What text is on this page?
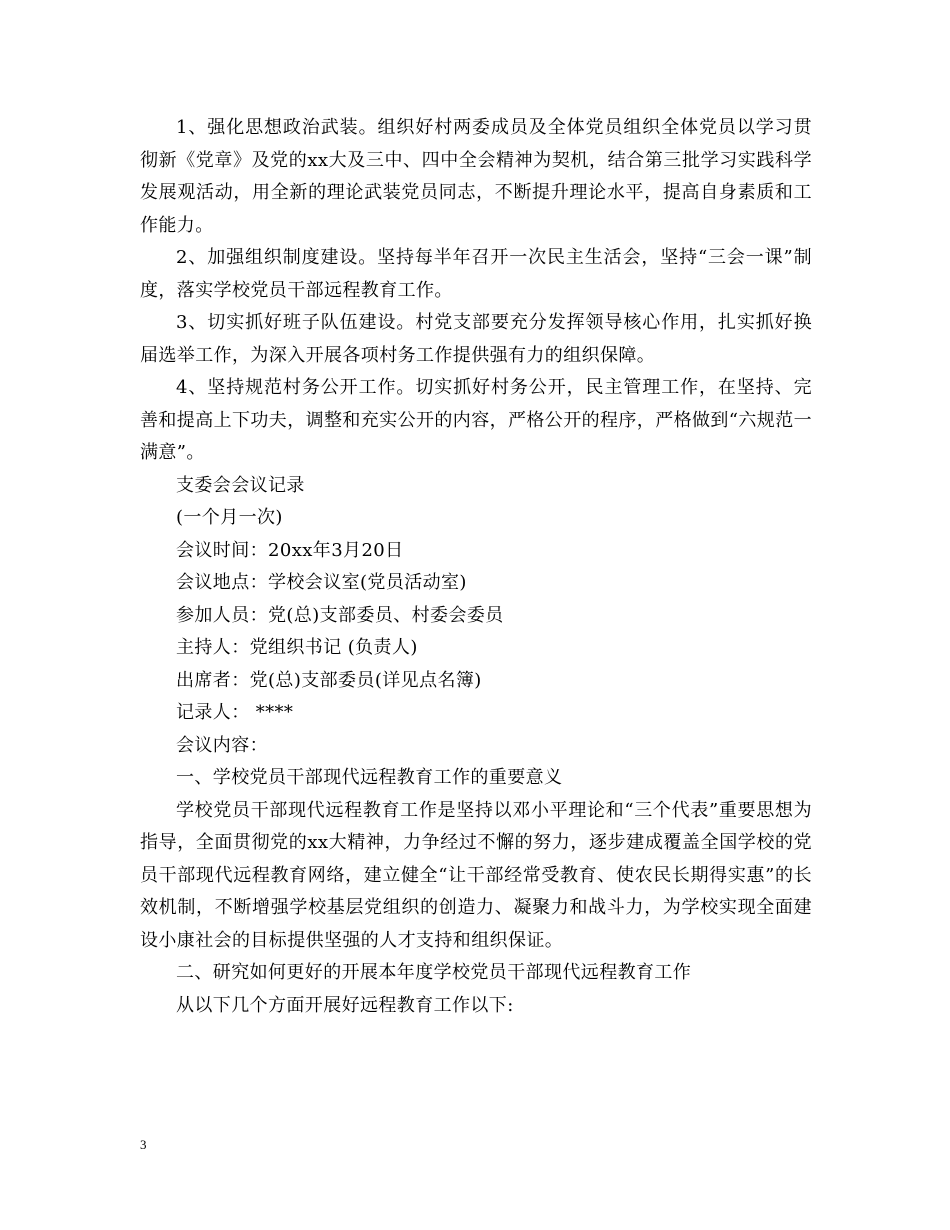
1、强化思想政治武装。组织好村两委成员及全体党员组织全体党员以学习贯彻新《党章》及党的xx大及三中、四中全会精神为契机，结合第三批学习实践科学发展观活动，用全新的理论武装党员同志，不断提升理论水平，提高自身素质和工作能力。

2、加强组织制度建设。坚持每半年召开一次民主生活会，坚持“三会一课”制度，落实学校党员干部远程教育工作。

3、切实抓好班子队伍建设。村党支部要充分发挥领导核心作用，扎实抓好换届选举工作，为深入开展各项村务工作提供强有力的组织保障。

4、坚持规范村务公开工作。切实抓好村务公开，民主管理工作，在坚持、完善和提高上下功夫，调整和充实公开的内容，严格公开的程序，严格做到“六规范一满意”。

支委会会议记录

(一个月一次)

会议时间：20xx年3月20日

会议地点：学校会议室(党员活动室)

参加人员：党(总)支部委员、村委会委员

主持人：党组织书记 (负责人)

出席者：党(总)支部委员(详见点名簿)

记录人： ****

会议内容：

一、学校党员干部现代远程教育工作的重要意义

学校党员干部现代远程教育工作是坚持以邓小平理论和“三个代表”重要思想为指导，全面贯彻党的xx大精神，力争经过不懈的努力，逐步建成覆盖全国学校的党员干部现代远程教育网络，建立健全“让干部经常受教育、使农民长期得实惠”的长效机制，不断增强学校基层党组织的创造力、凝聚力和战斗力，为学校实现全面建设小康社会的目标提供坚强的人才支持和组织保证。

二、研究如何更好的开展本年度学校党员干部现代远程教育工作

从以下几个方面开展好远程教育工作以下:

3
